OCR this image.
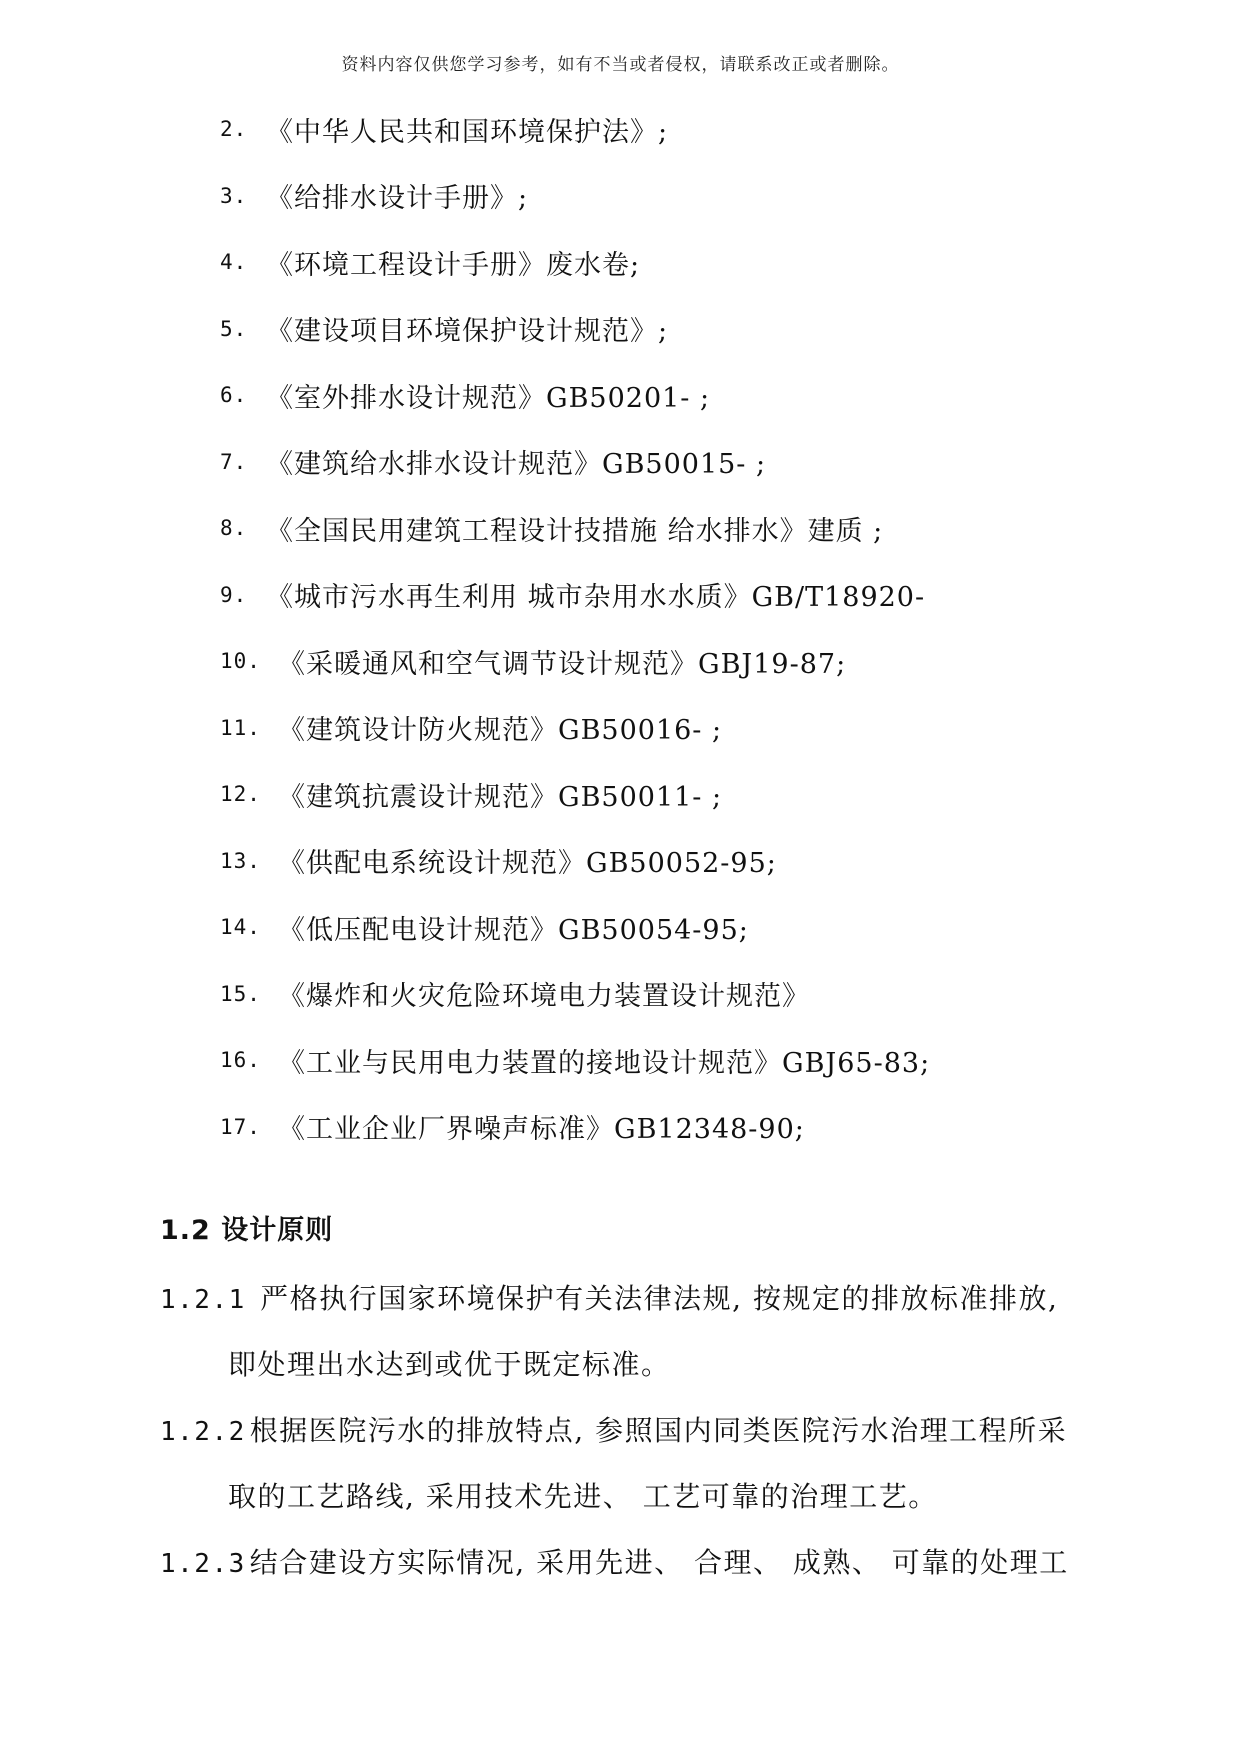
资料内容仅供您学习参考，如有不当或者侵权，请联系改正或者删除。
2. 《中华人民共和国环境保护法》;
3. 《给排水设计手册》;
4. 《环境工程设计手册》废水卷;
5. 《建设项目环境保护设计规范》;
6. 《室外排水设计规范》GB50201- ;
7. 《建筑给水排水设计规范》GB50015- ;
8. 《全国民用建筑工程设计技措施 给水排水》建质 ;
9. 《城市污水再生利用 城市杂用水水质》GB/T18920-
10. 《采暖通风和空气调节设计规范》GBJ19-87;
11. 《建筑设计防火规范》GB50016- ;
12. 《建筑抗震设计规范》GB50011- ;
13. 《供配电系统设计规范》GB50052-95;
14. 《低压配电设计规范》GB50054-95;
15. 《爆炸和火灾危险环境电力装置设计规范》
16. 《工业与民用电力装置的接地设计规范》GBJ65-83;
17. 《工业企业厂界噪声标准》GB12348-90;
1.2 设计原则
1.2.1 严格执行国家环境保护有关法律法规, 按规定的排放标准排放,
即处理出水达到或优于既定标准。
1.2.2 根据医院污水的排放特点, 参照国内同类医院污水治理工程所采
取的工艺路线, 采用技术先进、 工艺可靠的治理工艺。
1.2.3 结合建设方实际情况, 采用先进、 合理、 成熟、 可靠的处理工
